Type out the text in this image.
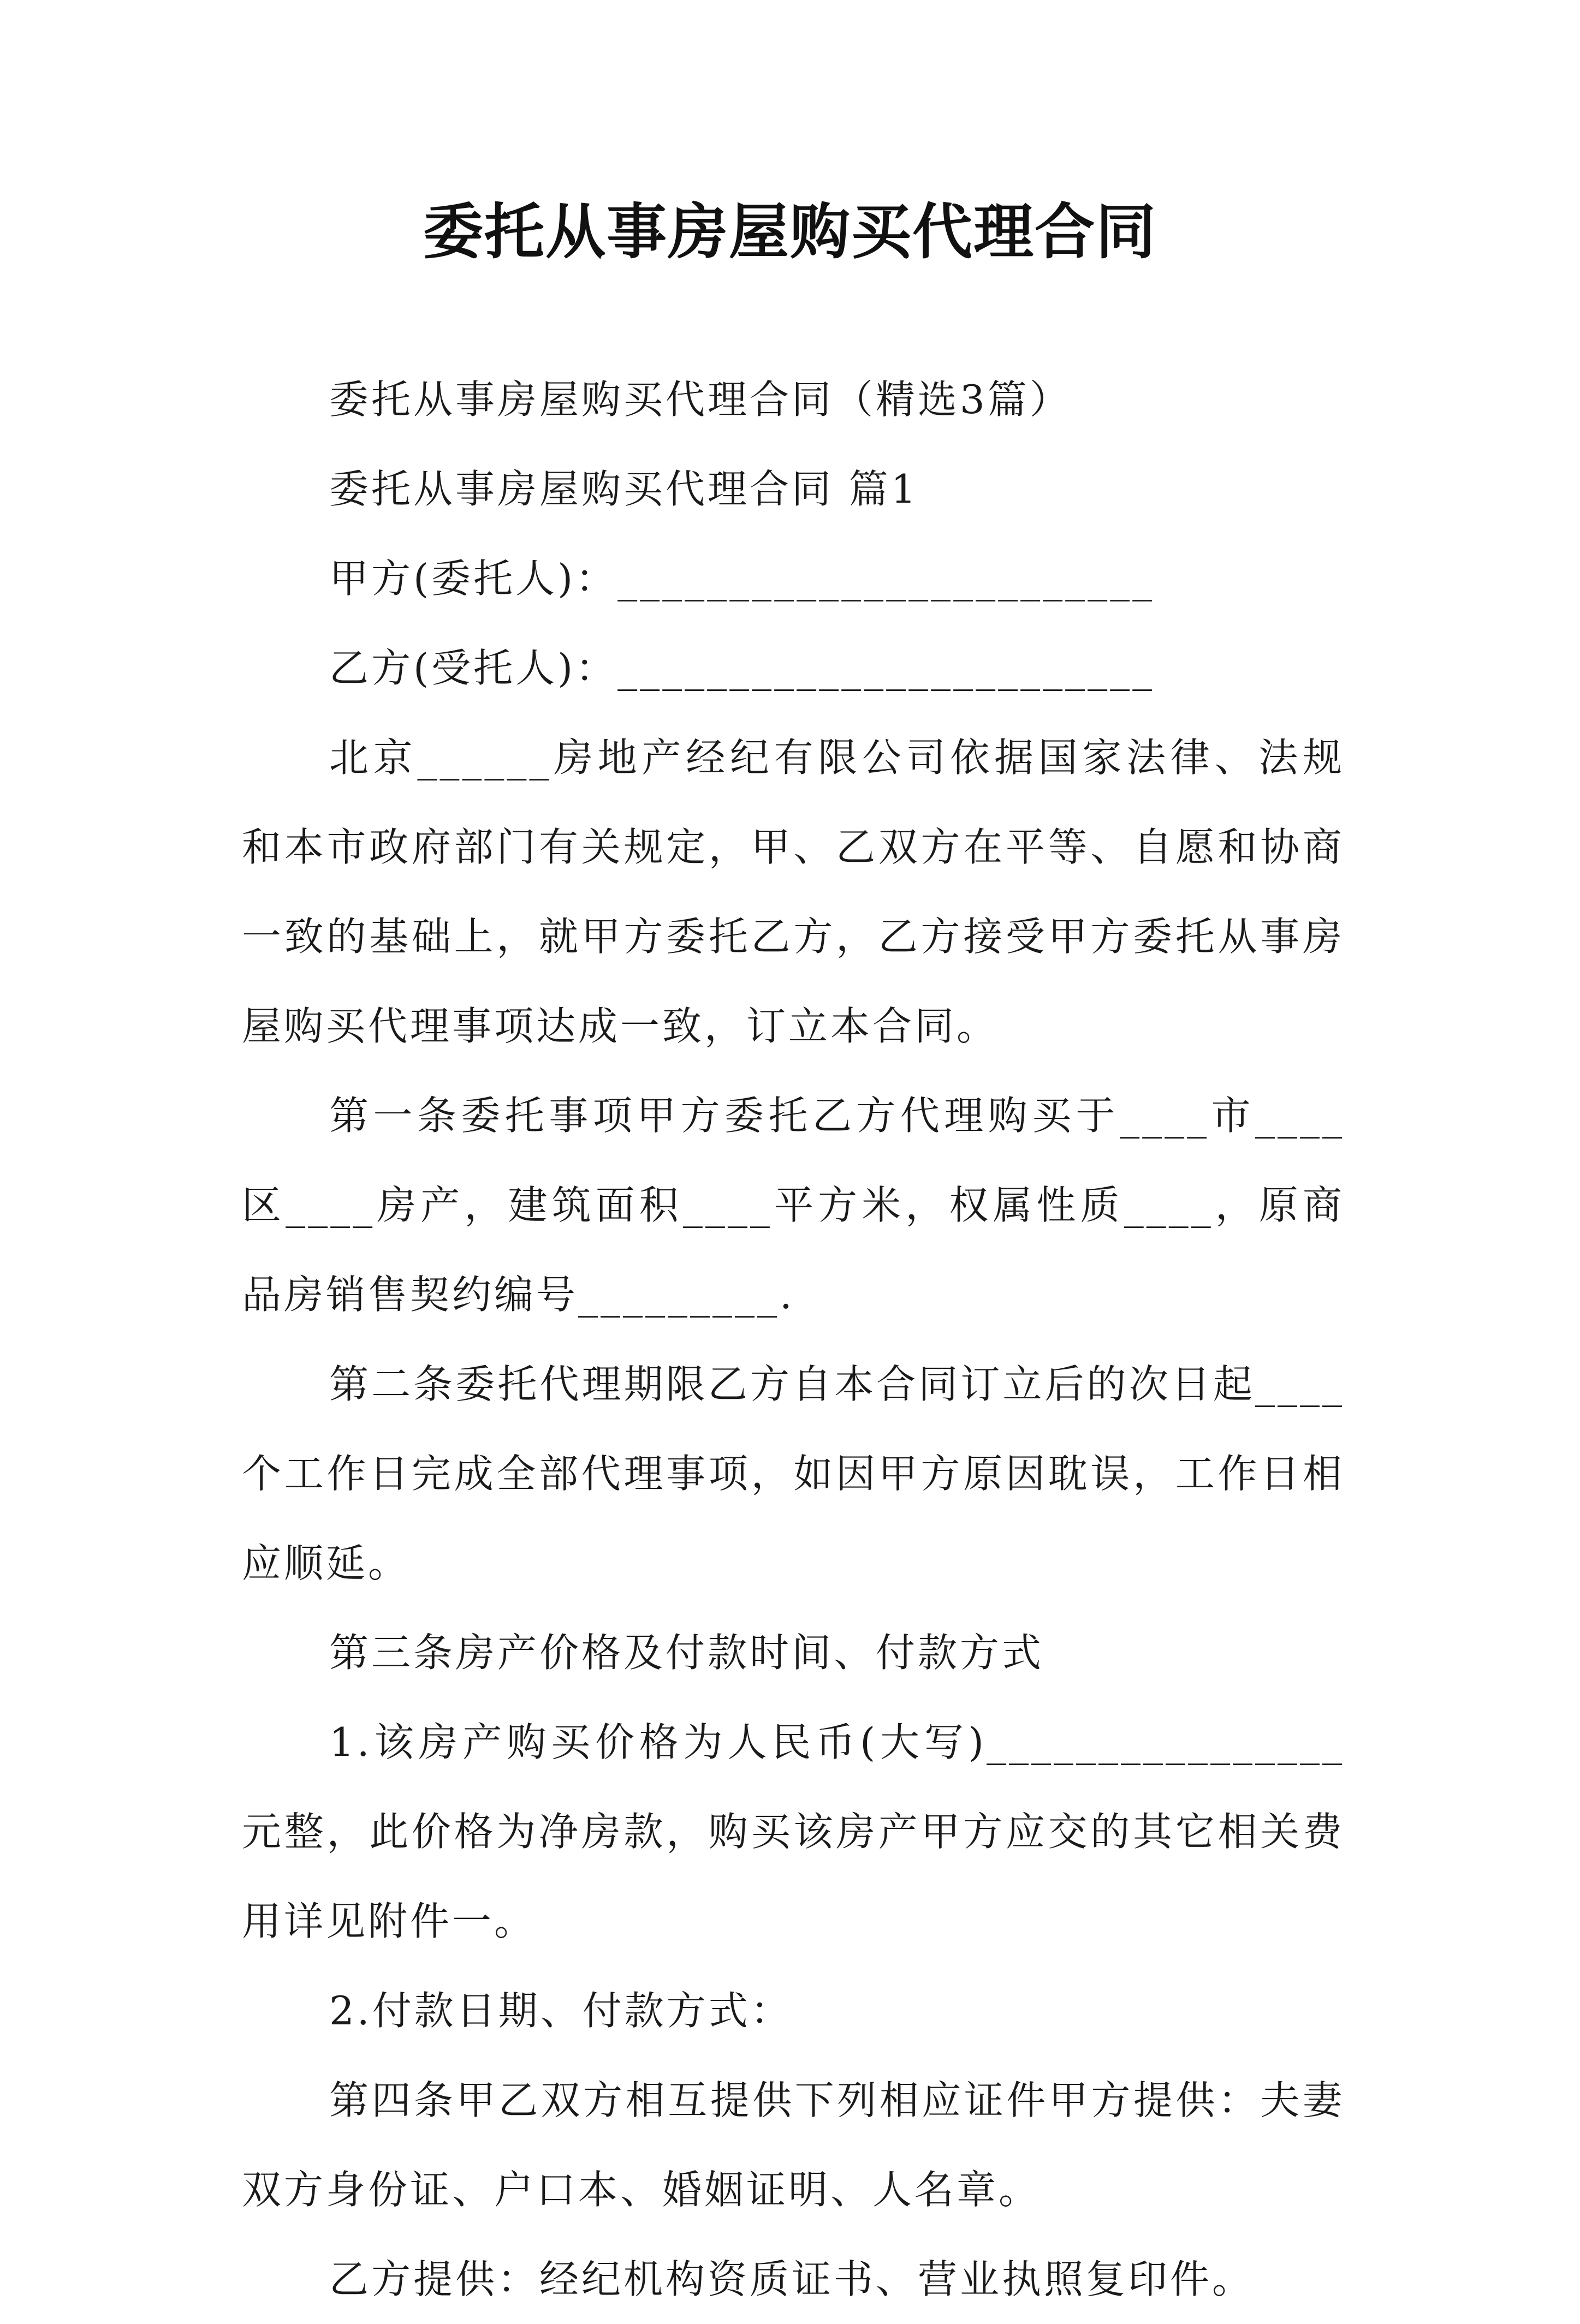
委托从事房屋购买代理合同

委托从事房屋购买代理合同（精选3篇）

委托从事房屋购买代理合同 篇1

甲方(委托人)：________________________

乙方(受托人)：________________________

北京______房地产经纪有限公司依据国家法律、法规和本市政府部门有关规定，甲、乙双方在平等、自愿和协商一致的基础上，就甲方委托乙方，乙方接受甲方委托从事房屋购买代理事项达成一致，订立本合同。

第一条委托事项甲方委托乙方代理购买于____市____区____房产，建筑面积____平方米，权属性质____，原商品房销售契约编号_________.

第二条委托代理期限乙方自本合同订立后的次日起____个工作日完成全部代理事项，如因甲方原因耽误，工作日相应顺延。

第三条房产价格及付款时间、付款方式

1.该房产购买价格为人民币(大写)________________元整，此价格为净房款，购买该房产甲方应交的其它相关费用详见附件一。

2.付款日期、付款方式：

第四条甲乙双方相互提供下列相应证件甲方提供：夫妻双方身份证、户口本、婚姻证明、人名章。

乙方提供：经纪机构资质证书、营业执照复印件。
